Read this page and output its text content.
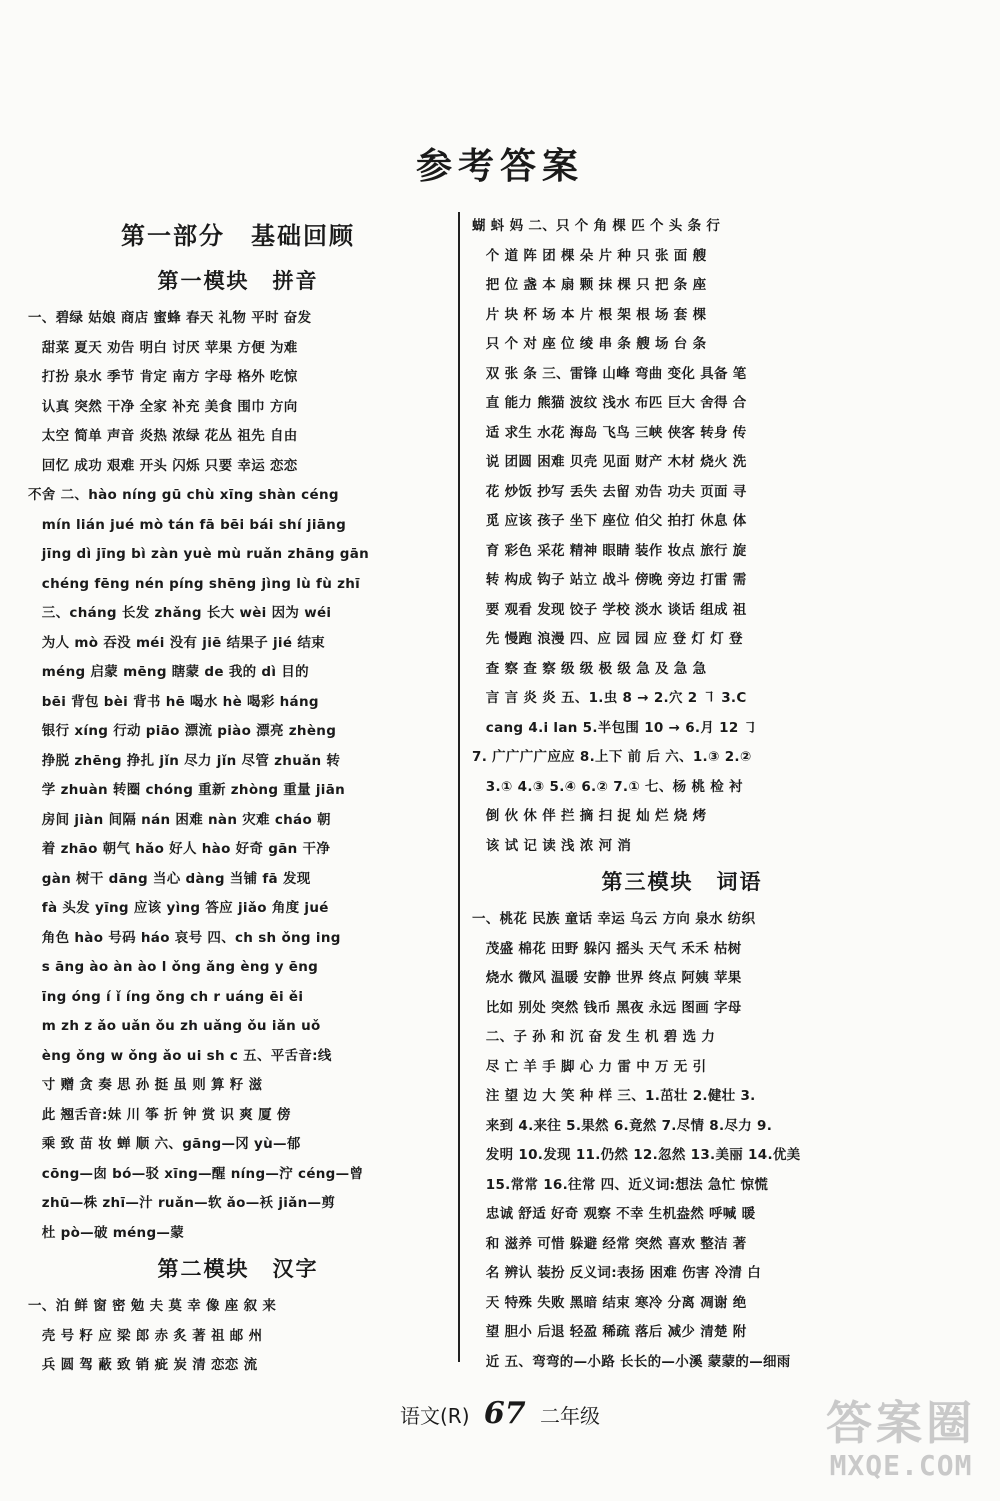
参考答案
第一部分　基础回顾
第一模块　拼音
一、碧绿 姑娘 商店 蜜蜂 春天 礼物 平时 奋发
　甜菜 夏天 劝告 明白 讨厌 苹果 方便 为难
　打扮 泉水 季节 肯定 南方 字母 格外 吃惊
　认真 突然 干净 全家 补充 美食 围巾 方向
　太空 简单 声音 炎热 浓绿 花丛 祖先 自由
　回忆 成功 艰难 开头 闪烁 只要 幸运 恋恋
不舍 二、hào níng gū chù xīng shàn céng
　mín lián jué mò tán fā bēi bái shí jiāng
　jīng dì jīng bì zàn yuè mù ruǎn zhāng gān
　chéng fēng nén píng shēng jìng lù fù zhī
　三、cháng 长发 zhǎng 长大 wèi 因为 wéi
　为人 mò 吞没 méi 没有 jiē 结果子 jié 结束
　méng 启蒙 mēng 瞎蒙 de 我的 dì 目的
　bēi 背包 bèi 背书 hē 喝水 hè 喝彩 háng
　银行 xíng 行动 piāo 漂流 piào 漂亮 zhèng
　挣脱 zhēng 挣扎 jǐn 尽力 jǐn 尽管 zhuǎn 转
　学 zhuàn 转圈 chóng 重新 zhòng 重量 jiān
　房间 jiàn 间隔 nán 困难 nàn 灾难 cháo 朝
　着 zhāo 朝气 hǎo 好人 hào 好奇 gān 干净
　gàn 树干 dāng 当心 dàng 当铺 fā 发现
　fà 头发 yīng 应该 yìng 答应 jiǎo 角度 jué
　角色 hào 号码 háo 哀号 四、ch sh ǒng ing
　s āng ào àn ào l ǒng ǎng èng y ēng
　īng óng í ǐ íng ǒng ch r uáng ēi ěi
　m zh z ǎo uǎn ǒu zh uǎng ǒu iǎn uǒ
　èng ǒng w ǒng ǎo ui sh c 五、平舌音:线
　寸 赠 贪 奏 思 孙 挺 虽 则 算 籽 滋
　此 翘舌音:妹 川 筝 折 钟 赏 识 爽 厦 傍
　乘 致 苗 妆 蝉 顺 六、gāng—冈 yù—郁
　cōng—囱 bó—驳 xīng—醒 níng—泞 céng—曾
　zhū—株 zhī—汁 ruǎn—软 ǎo—袄 jiǎn—剪
　杜 pò—破 méng—蒙
第二模块　汉字
一、泊 鲜 窗 密 勉 夫 莫 幸 像 座 叙 来
　壳 号 籽 应 梁 郎 赤 炙 著 祖 邮 州
　兵 圆 驾 蔽 致 销 疵 炭 清 恋恋 流
蝴 蚪 妈 二、只 个 角 棵 匹 个 头 条 行
　个 道 阵 团 棵 朵 片 种 只 张 面 艘
　把 位 盏 本 扇 颗 抹 棵 只 把 条 座
　片 块 杯 场 本 片 根 架 根 场 套 棵
　只 个 对 座 位 绫 串 条 艘 场 台 条
　双 张 条 三、雷锋 山峰 弯曲 变化 具备 笔
　直 能力 熊猫 波纹 浅水 布匹 巨大 舍得 合
　适 求生 水花 海岛 飞鸟 三峡 侠客 转身 传
　说 团圆 困难 贝壳 见面 财产 木材 烧火 洗
　花 炒饭 抄写 丢失 去留 劝告 功夫 页面 寻
　觅 应该 孩子 坐下 座位 伯父 拍打 休息 体
　育 彩色 采花 精神 眼睛 装作 妆点 旅行 旋
　转 构成 钩子 站立 战斗 傍晚 旁边 打雷 需
　要 观看 发现 饺子 学校 淡水 谈话 组成 祖
　先 慢跑 浪漫 四、应 园 园 应 登 灯 灯 登
　查 察 查 察 级 级 极 级 急 及 急 急
　言 言 炎 炎 五、1.虫 8 → 2.穴 2 ㇕ 3.C
　cang 4.i lan 5.半包围 10 → 6.月 12 ㇆
7. 广广广广应应 8.上下 前 后 六、1.③ 2.②
　3.① 4.③ 5.④ 6.② 7.① 七、杨 桃 检 衬
　倒 伙 休 伴 拦 摘 扫 捉 灿 烂 烧 烤
　该 试 记 读 浅 浓 河 消
第三模块　词语
一、桃花 民族 童话 幸运 乌云 方向 泉水 纺织
　茂盛 棉花 田野 躲闪 摇头 天气 禾禾 枯树
　烧水 微风 温暖 安静 世界 终点 阿姨 苹果
　比如 别处 突然 钱币 黑夜 永远 图画 字母
　二、子 孙 和 沉 奋 发 生 机 碧 选 力
　尽 亡 羊 手 脚 心 力 雷 中 万 无 引
　注 望 边 大 笑 种 样 三、1.茁壮 2.健壮 3.
　来到 4.来往 5.果然 6.竟然 7.尽情 8.尽力 9.
　发明 10.发现 11.仍然 12.忽然 13.美丽 14.优美
　15.常常 16.往常 四、近义词:想法 急忙 惊慌
　忠诚 舒适 好奇 观察 不幸 生机盎然 呼喊 暖
　和 滋养 可惜 躲避 经常 突然 喜欢 整洁 著
　名 辨认 装扮 反义词:表扬 困难 伤害 冷清 白
　天 特殊 失败 黑暗 结束 寒冷 分离 凋谢 绝
　望 胆小 后退 轻盈 稀疏 落后 减少 清楚 附
　近 五、弯弯的—小路 长长的—小溪 蒙蒙的—细雨
语文(R) 67 二年级	答案圈
MXQE.COM
